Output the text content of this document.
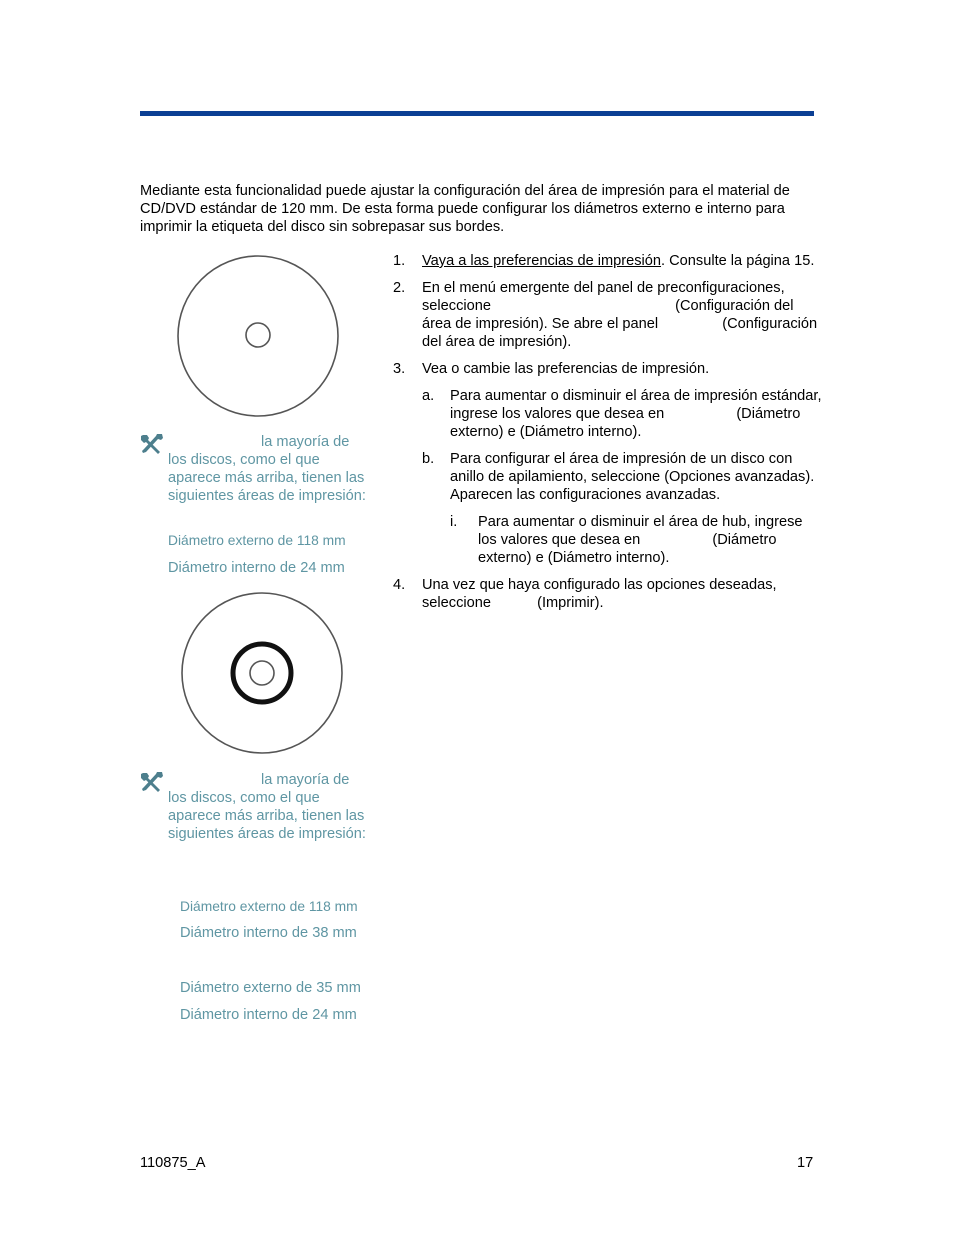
Mediante esta funcionalidad puede ajustar la configuración del área de impresión para el material de CD/DVD estándar de 120 mm. De esta forma puede configurar los diámetros externo e interno para imprimir la etiqueta del disco sin sobrepasar sus bordes.

la mayoría de
los discos, como el que aparece más arriba, tienen las siguientes áreas de impresión:
Diámetro externo de 118 mm
Diámetro interno de 24 mm
la mayoría de
los discos, como el que aparece más arriba, tienen las siguientes áreas de impresión:
Diámetro externo de 118 mm
Diámetro interno de 38 mm
Diámetro externo de 35 mm
Diámetro interno de 24 mm
1. Vaya a las preferencias de impresión. Consulte la página 15.
2. En el menú emergente del panel de preconfiguraciones, seleccione	(Configuración del área de impresión). Se abre el panel	(Configuración del área de impresión).
3. Vea o cambie las preferencias de impresión.
a. Para aumentar o disminuir el área de impresión estándar, ingrese los valores que desea en	(Diámetro externo) e (Diámetro interno).
b. Para configurar el área de impresión de un disco con anillo de apilamiento, seleccione (Opciones avanzadas). Aparecen las configuraciones avanzadas.
i. Para aumentar o disminuir el área de hub, ingrese los valores que desea en	(Diámetro externo) e (Diámetro interno).
4. Una vez que haya configurado las opciones deseadas, seleccione	(Imprimir).
110875_A	17
